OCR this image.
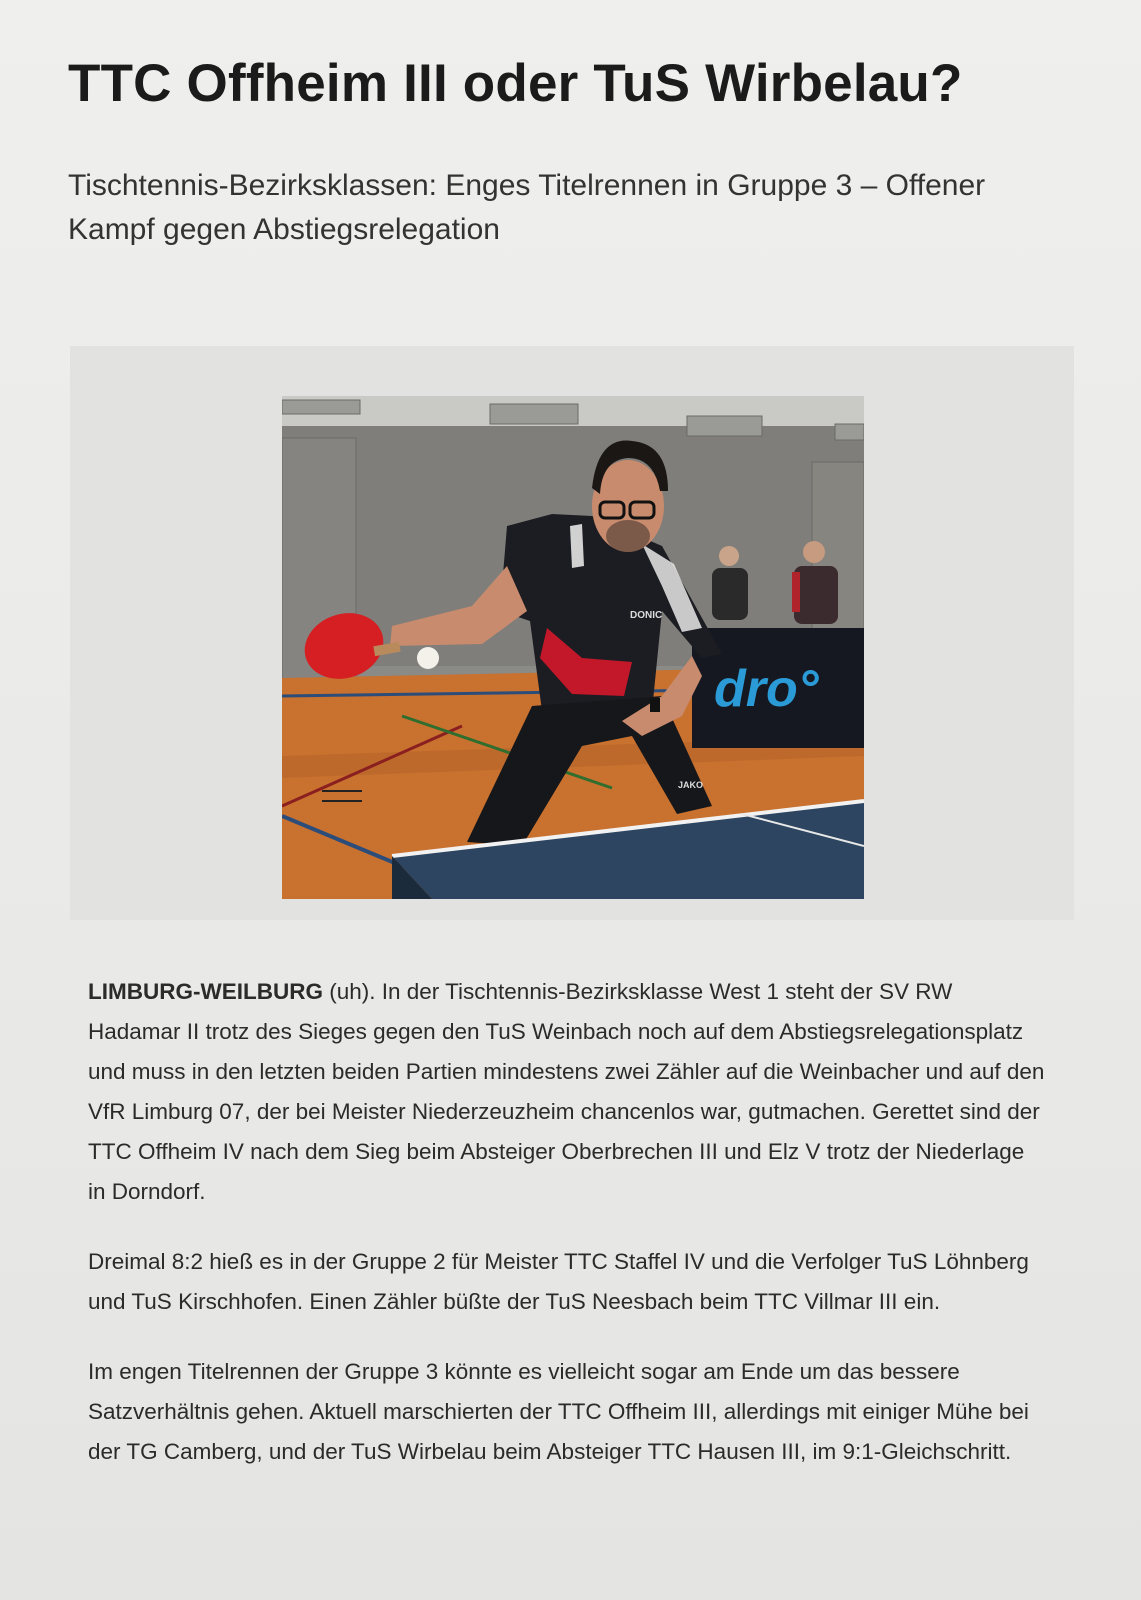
TTC Offheim III oder TuS Wirbelau?
Tischtennis-Bezirksklassen: Enges Titelrennen in Gruppe 3 – Offener Kampf gegen Abstiegsrelegation
dro°
DONIC
JAKO

LIMBURG-WEILBURG (uh). In der Tischtennis-Bezirksklasse West 1 steht der SV RW Hadamar II trotz des Sieges gegen den TuS Weinbach noch auf dem Abstiegsrelegationsplatz und muss in den letzten beiden Partien mindestens zwei Zähler auf die Weinbacher und auf den VfR Limburg 07, der bei Meister Niederzeuzheim chancenlos war, gutmachen. Gerettet sind der TTC Offheim IV nach dem Sieg beim Absteiger Oberbrechen III und Elz V trotz der Niederlage in Dorndorf.

Dreimal 8:2 hieß es in der Gruppe 2 für Meister TTC Staffel IV und die Verfolger TuS Löhnberg und TuS Kirschhofen. Einen Zähler büßte der TuS Neesbach beim TTC Villmar III ein.

Im engen Titelrennen der Gruppe 3 könnte es vielleicht sogar am Ende um das bessere Satzverhältnis gehen. Aktuell marschierten der TTC Offheim III, allerdings mit einiger Mühe bei der TG Camberg, und der TuS Wirbelau beim Absteiger TTC Hausen III, im 9:1-Gleichschritt.
